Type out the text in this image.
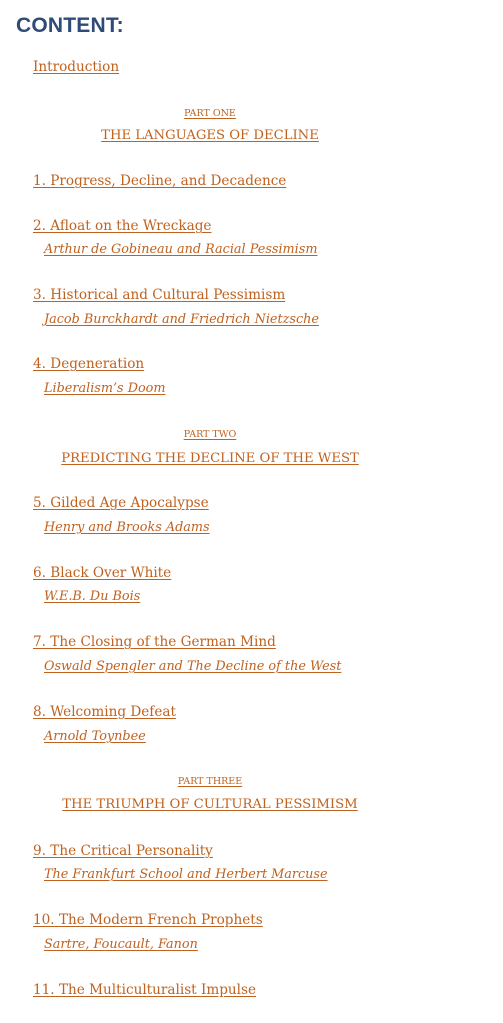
CONTENT:
Introduction
PART ONE
THE LANGUAGES OF DECLINE
1. Progress, Decline, and Decadence
2. Afloat on the Wreckage
Arthur de Gobineau and Racial Pessimism
3. Historical and Cultural Pessimism
Jacob Burckhardt and Friedrich Nietzsche
4. Degeneration
Liberalism’s Doom
PART TWO
PREDICTING THE DECLINE OF THE WEST
5. Gilded Age Apocalypse
Henry and Brooks Adams
6. Black Over White
W.E.B. Du Bois
7. The Closing of the German Mind
Oswald Spengler and The Decline of the West
8. Welcoming Defeat
Arnold Toynbee
PART THREE
THE TRIUMPH OF CULTURAL PESSIMISM
9. The Critical Personality
The Frankfurt School and Herbert Marcuse
10. The Modern French Prophets
Sartre, Foucault, Fanon
11. The Multiculturalist Impulse
